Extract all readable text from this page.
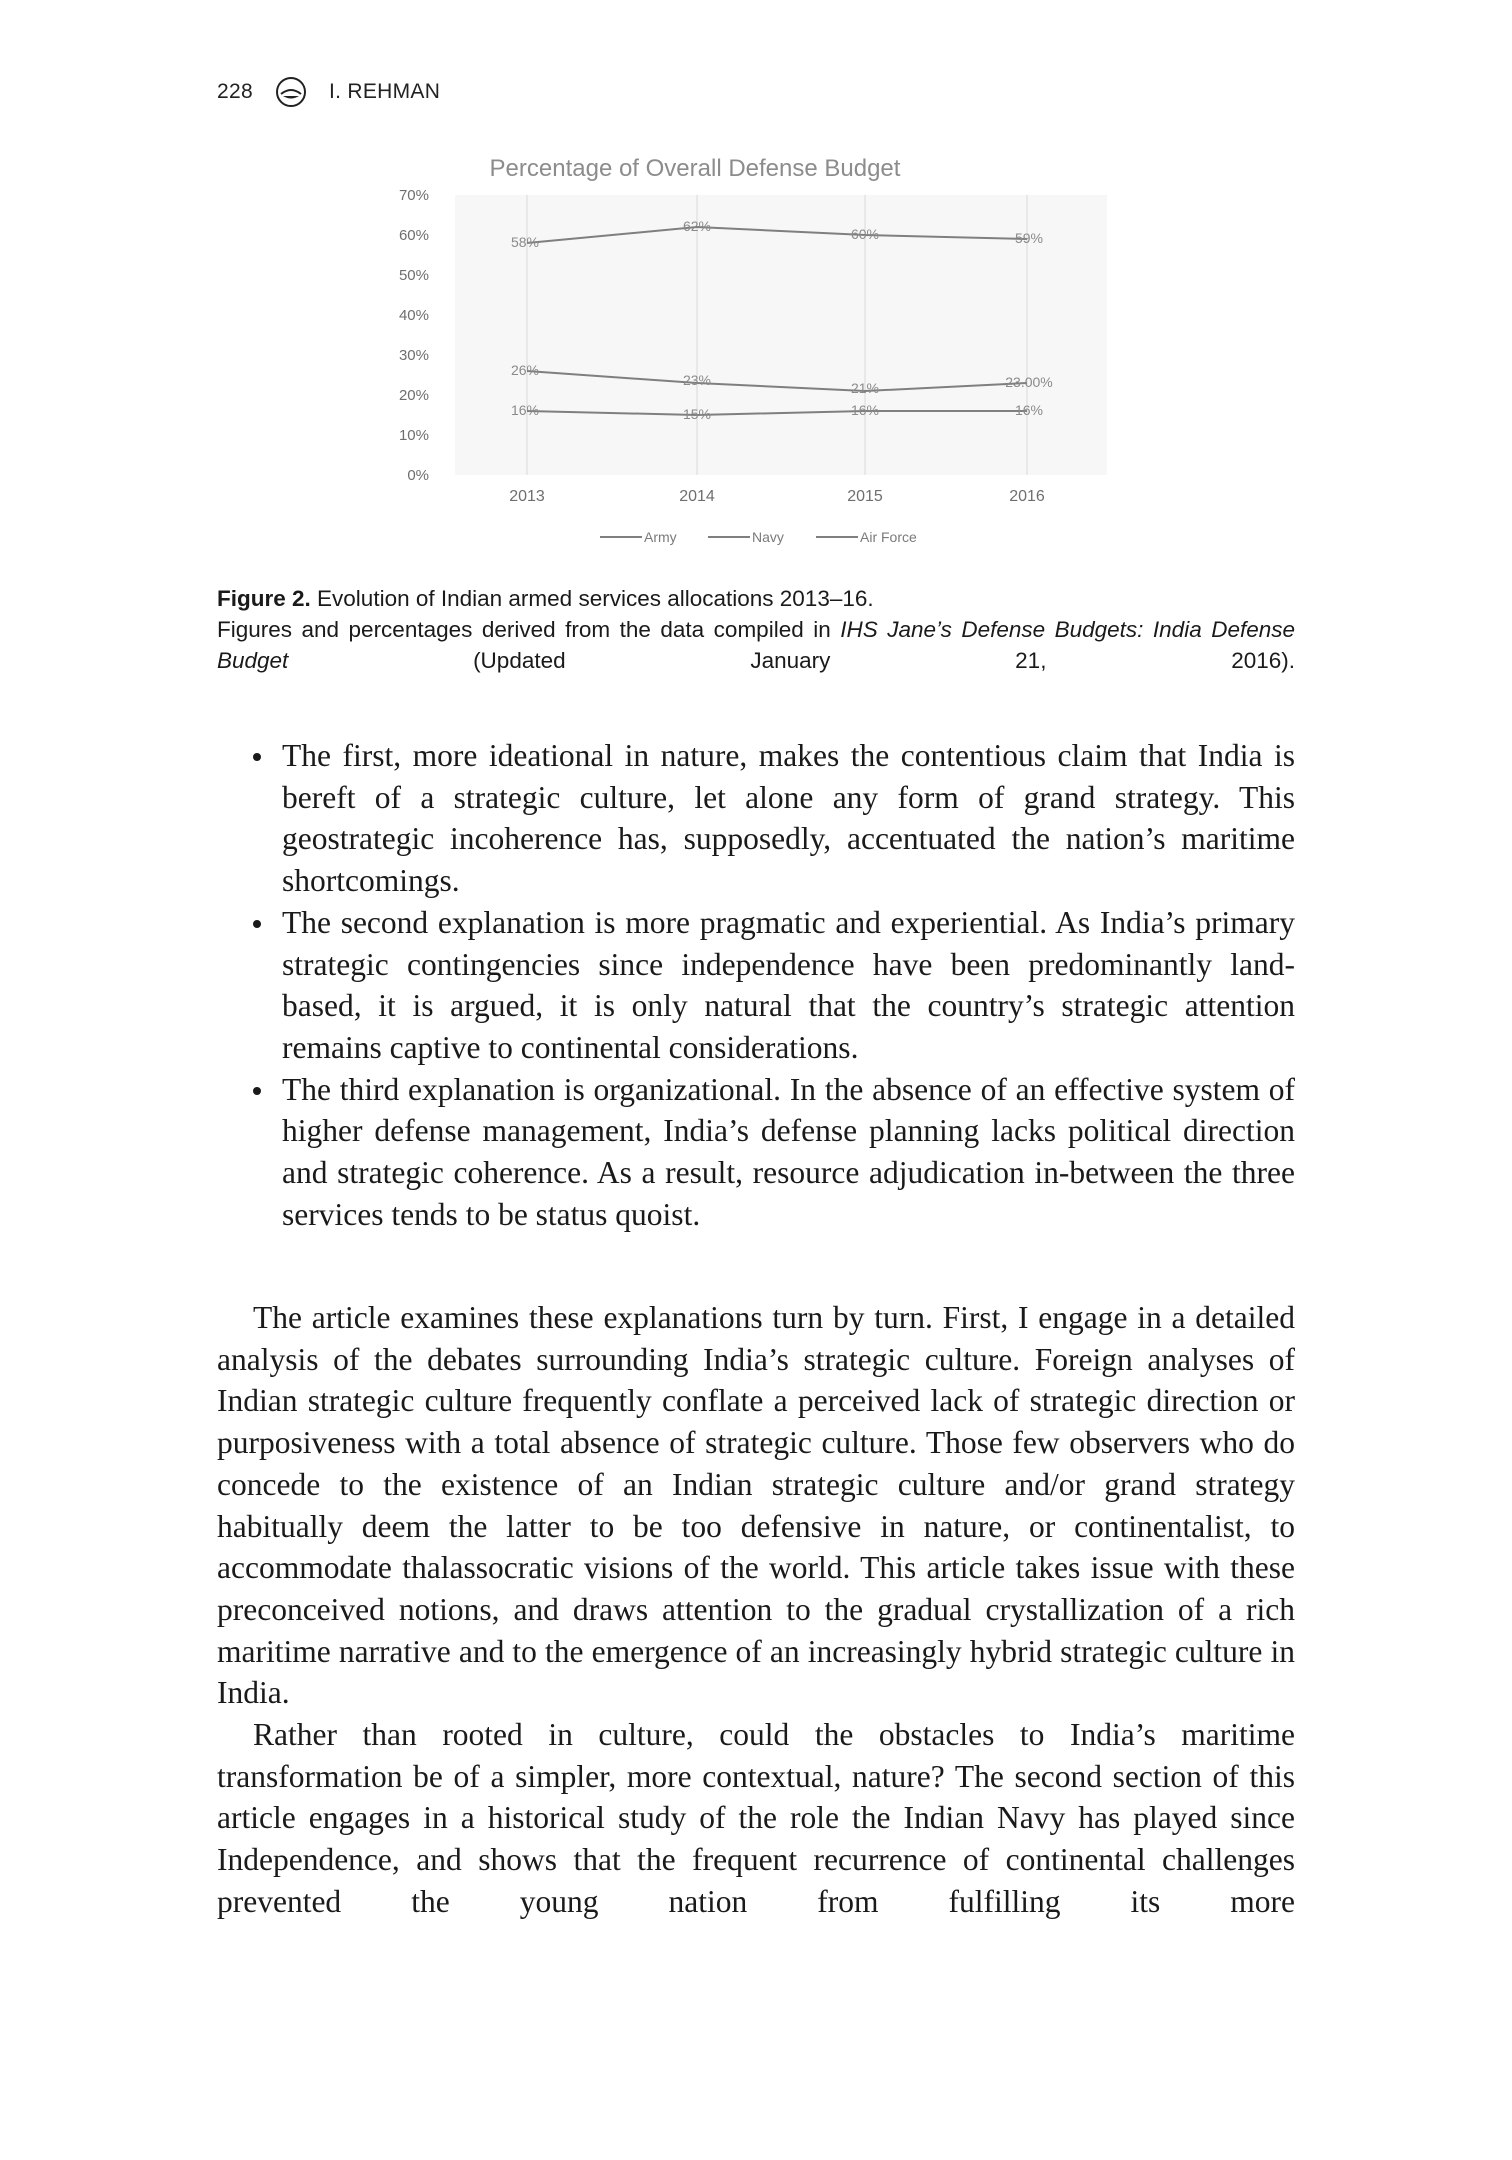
228	I. REHMAN
Percentage of Overall Defense Budget
0%
10%
20%
30%
40%
50%
60%
70%
2013	2014	2015	2016
58%
62%	60%	59%
16%	15%	16%	16%
26%
23%	21%	23.00%
Army	Navy	Air Force

Figure 2. Evolution of Indian armed services allocations 2013–16.

Figures and percentages derived from the data compiled in IHS Jane’s Defense Budgets: India Defense Budget (Updated January 21, 2016).

The first, more ideational in nature, makes the contentious claim that India is bereft of a strategic culture, let alone any form of grand strategy. This geostrategic incoherence has, supposedly, accentuated the nation’s maritime shortcomings.
The second explanation is more pragmatic and experiential. As India’s primary strategic contingencies since independence have been predominantly land-based, it is argued, it is only natural that the country’s strategic attention remains captive to continental considerations.
The third explanation is organizational. In the absence of an effective system of higher defense management, India’s defense planning lacks political direction and strategic coherence. As a result, resource adjudication in-between the three services tends to be status quoist.

The article examines these explanations turn by turn. First, I engage in a detailed analysis of the debates surrounding India’s strategic culture. Foreign analyses of Indian strategic culture frequently conflate a perceived lack of strategic direction or purposiveness with a total absence of strategic culture. Those few observers who do concede to the existence of an Indian strategic culture and/or grand strategy habitually deem the latter to be too defensive in nature, or continentalist, to accommodate thalassocratic visions of the world. This article takes issue with these preconceived notions, and draws attention to the gradual crystallization of a rich maritime narrative and to the emergence of an increasingly hybrid strategic culture in India.

Rather than rooted in culture, could the obstacles to India’s maritime transformation be of a simpler, more contextual, nature? The second section of this article engages in a historical study of the role the Indian Navy has played since Independence, and shows that the frequent recurrence of continental challenges prevented the young nation from fulfilling its more
